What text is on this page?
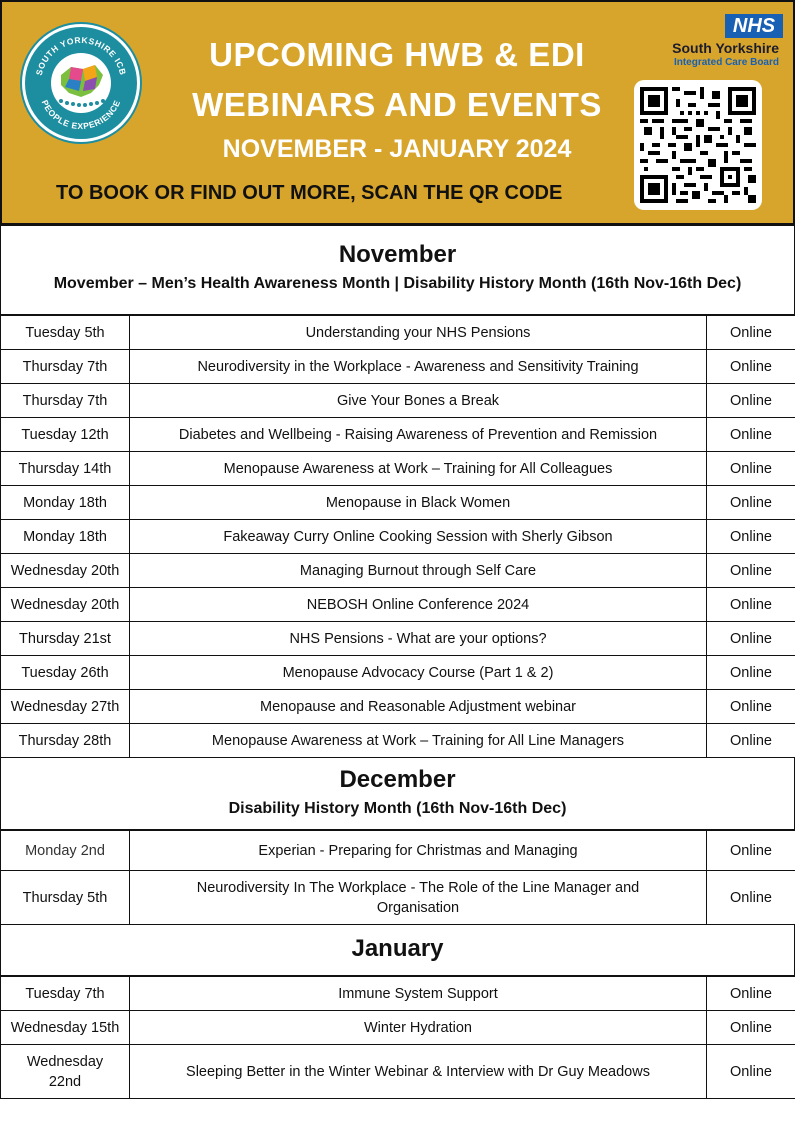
SOUTH YORKSHIRE ICB
PEOPLE EXPERIENCE
UPCOMING HWB & EDI
WEBINARS AND EVENTS
NOVEMBER - JANUARY 2024
TO BOOK OR FIND OUT MORE, SCAN THE QR CODE
NHS
South Yorkshire
Integrated Care Board
November
Movember – Men’s Health Awareness Month | Disability History Month (16th Nov-16th Dec)
Tuesday 5th	Understanding your NHS Pensions	Online
Thursday 7th	Neurodiversity in the Workplace - Awareness and Sensitivity Training	Online
Thursday 7th	Give Your Bones a Break	Online
Tuesday 12th	Diabetes and Wellbeing - Raising Awareness of Prevention and Remission	Online
Thursday 14th	Menopause Awareness at Work – Training for All Colleagues	Online
Monday 18th	Menopause in Black Women	Online
Monday 18th	Fakeaway Curry Online Cooking Session with Sherly Gibson	Online
Wednesday 20th	Managing Burnout through Self Care	Online
Wednesday 20th	NEBOSH Online Conference 2024	Online
Thursday 21st	NHS Pensions - What are your options?	Online
Tuesday 26th	Menopause Advocacy Course (Part 1 & 2)	Online
Wednesday 27th	Menopause and Reasonable Adjustment webinar	Online
Thursday 28th	Menopause Awareness at Work – Training for All Line Managers	Online
December
Disability History Month (16th Nov-16th Dec)
Monday 2nd	Experian - Preparing for Christmas and Managing	Online
Thursday 5th	Neurodiversity In The Workplace - The Role of the Line Manager and Organisation	Online
January
Tuesday 7th	Immune System Support	Online
Wednesday 15th	Winter Hydration	Online
Wednesday 22nd	Sleeping Better in the Winter Webinar & Interview with Dr Guy Meadows	Online
